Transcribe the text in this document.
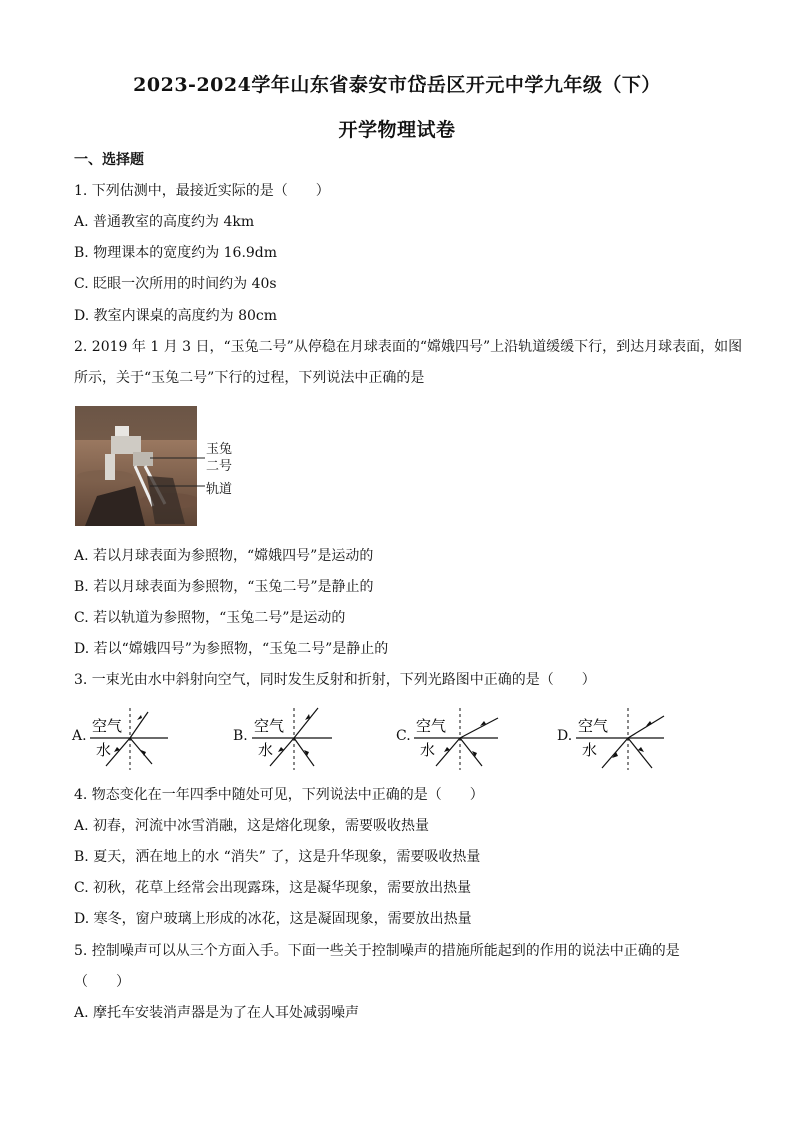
2023-2024学年山东省泰安市岱岳区开元中学九年级（下）
开学物理试卷
一、选择题
1. 下列估测中，最接近实际的是（　　）
A. 普通教室的高度约为 4km
B. 物理课本的宽度约为 16.9dm
C. 眨眼一次所用的时间约为 40s
D. 教室内课桌的高度约为 80cm
2. 2019 年 1 月 3 日，“玉兔二号”从停稳在月球表面的“嫦娥四号”上沿轨道缓缓下行，到达月球表面，如图
所示，关于“玉兔二号”下行的过程，下列说法中正确的是
玉兔
二号
轨道
A. 若以月球表面为参照物，“嫦娥四号”是运动的
B. 若以月球表面为参照物，“玉兔二号”是静止的
C. 若以轨道为参照物，“玉兔二号”是运动的
D. 若以“嫦娥四号”为参照物，“玉兔二号”是静止的
3. 一束光由水中斜射向空气，同时发生反射和折射，下列光路图中正确的是（　　）
A.
空气
水
B.
空气
水
C.
空气
水
D.
空气
水
4. 物态变化在一年四季中随处可见，下列说法中正确的是（　　）
A. 初春，河流中冰雪消融，这是熔化现象，需要吸收热量
B. 夏天，洒在地上的水 “消失” 了，这是升华现象，需要吸收热量
C. 初秋，花草上经常会出现露珠，这是凝华现象，需要放出热量
D. 寒冬，窗户玻璃上形成的冰花，这是凝固现象，需要放出热量
5. 控制噪声可以从三个方面入手。下面一些关于控制噪声的措施所能起到的作用的说法中正确的是
（　　）
A. 摩托车安装消声器是为了在人耳处减弱噪声
